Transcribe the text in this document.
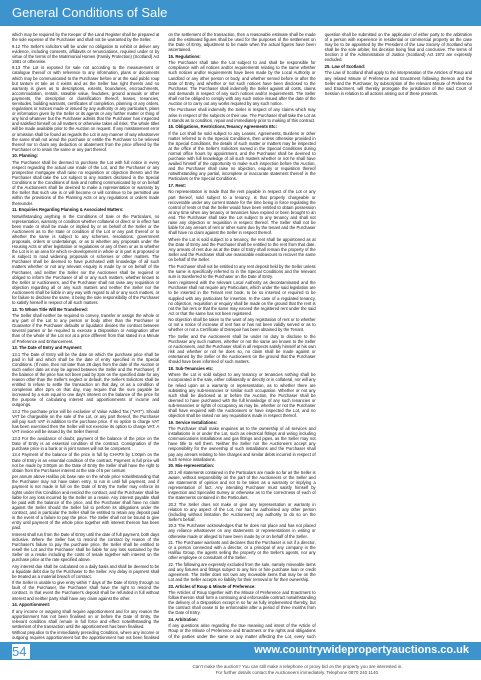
General Conditions of Sale

which may be required by the Keeper of the Land Register shall be prepared at the sole expense of the Purchaser and shall not be warranted by the Seller.

9.12 The Seller's solicitors will be under no obligation to exhibit or deliver any evidence, including consents, affidavits or renunciations, required under or by virtue of the terms of the Matrimonial Homes (Family Protection) (Scotland) Act 1981 or otherwise.

9.13 The Lot is exposed for sale not according to the measurement or catalogue thereof or with reference to any information, plans or documents which may be communicated to the Purchaser before or at the said public roup but tantum et tale as it exists and as the Seller has right thereto and no warranty is given as to descriptions, extents, boundaries, encroachments, accommodation, rentals, rateable value, feuduties, ground annuals or other payments, the description or classification thereof, leases, tenancies, servitudes, building warrants, certificates of completion, planning or any orders, regulations or notices made or issued by any authority or any particulars, plans or information given by the Seller or its agents or any further matter or thing of any kind whatever but the Purchaser admits that the Purchaser has inspected and satisfied himself on all matters or otherwise takes all risks. The whole titles will be made available prior to the Auction on request. If any misstatement error or omission shall be found as regards the Lot in any manner of way whatsoever the same shall not annul the purchase or entitle the Purchaser to be relieved thereof nor to claim any deduction or abatement from the price offered by the Purchaser or to retain the same or any part thereof.

10. Planning:

The Purchaser shall be deemed to purchase the Lot with full notice in every respect regarding the actual use made of the Lot, and the Purchaser or any prospective mortgagee shall raise no requisition or objection thereto and the Purchaser shall take the Lot subject to any matters disclosed in the Special Conditions or the Conditions of Sale and nothing communicated by or on behalf of the Auctioneers shall be deemed to make a representation or warranty by the Seller that such use is or will become or will continue to be permitted use within the provisions of the Planning Acts or any regulations or orders made thereunder.

11. Enquiries Regarding Planning & Associated Matters:

Notwithstanding anything in the Conditions of Sale or the Particulars, no representation, warranty or condition whether collateral or direct or in effect has been made or shall be made or implied by or on behalf of the Seller or the Auctioneers as to the state or condition of the Lot or any part thereof or to whether the same is subject to any schemes, resolutions, government proposals, orders or undertakings, or as to whether any proposals under the Housing Acts or other legislation or regulations or any of them or as to whether the Lot is in an area for which re-development in whole or in part is proposed or is subject to road widening proposals or schemes or other matters. The Purchaser shall be deemed to have purchased with knowledge of all such matters whether or not any relevant enquiry is made by or on behalf of the Purchaser, and neither the Seller nor the Auctioneer shall be required or obliged to inform the Purchaser of all or any such matters, whether known to the Seller or Auctioneers, and the Purchaser shall not raise any requisition or objection regarding all or any such matters and neither the Seller nor the Auctioneers shall be liable in any way with regard to all or any such matters, or for failure to disclose the same, it being the sole responsibility of the Purchaser to satisfy himself in respect of all such matters.

12. To Whom Title Will Be Transferred:

The Seller shall neither be required to convey, transfer or assign the whole or any part of the Lot to any person or body other than the Purchaser or Guarantor if the Purchaser defaults or liquidator divides the contract between several parties or be required to execute a Disposition or Assignation other than of the whole of the Lot nor at a price different from that stated in a Minute of Preference and Enhancement.

13. The Date of Entry and Payment:

13.1 The Date of Entry will be the date on which the purchase price shall be paid in full and which shall be the date of entry specified in the Special Conditions. (If none, then not later than 28 days from the date of the Auction or such earlier date as may be agreed between the Seller and the Purchaser). If the balance of the price has not been paid by 2pm on the specified date for any reason other than the Seller's neglect or default, the Seller's Solicitors shall be entitled to refuse to settle the transaction on that day, or as a condition of completion after 2pm on that day, may require that the sum payable be increased by a sum equal to one day's interest on the balance of the price for the purpose of calculating interest and apportionments of income and outgoings.

13.2 The purchase price will be exclusive of Value Added Tax ("VAT"). Should VAT be chargeable on the sale of the Lot, or any part thereof, the Purchaser will pay such VAT in addition to the purchase price. If no option to charge VAT has been exercised then the Seller will not exercise its option to charge VAT. A VAT invoice will be issued by the Seller thereof.

13.3 For the avoidance of doubt, payment of the balance of the price on the Date of Entry is an essential condition of the contract. Consignation of the purchase price in a bank or in joint names will not be competent.

13.4 Payment of the balance of the price in full by CHAPS by 1:00pm on the Date of Entry is an essential condition of the contract. Payment in full price will not be made by 3:00pm on the Date of Entry the Seller shall have the right to obtain from the Purchaser interest at the rate of 5 per centum

per annum above Halifax plc base rate on the whole price notwithstanding that the Purchaser may not have taken entry, to run in until full payment, and if payment is not made in full on the Date of Entry the Seller may enforce its rights under this Condition and rescind the contract, and the Purchaser shall be liable for any loss incurred by the Seller on a resale. Any interest payable shall be paid with the balance of the price, and the Purchaser shall have no claim against the Seller should the Seller fail to perform its obligations under the contract, and in particular the Seller shall be entitled to retain any deposit paid in the event of a failure to pay the price. The Seller shall not be bound to give entry until payment of the whole price together with interest thereon has been paid.

Interest shall run from the Date of Entry until the date of full payment, both days inclusive. Where the Seller has to rescind the contract by reason of the Purchaser's failure to pay the purchase price, the Seller shall be entitled to resell the Lot and the Purchaser shall be liable for any loss sustained by the Seller on a resale including the costs of resale together with interest on the purchase price at the rate specified above.

Any interest due shall be calculated on a daily basis and shall be deemed to be a liquidate debt due by the Purchaser to the Seller. Any delay in payment shall be treated as a material breach of contract.

If the Seller is unable to give entry within 7 days of the Date of Entry through no fault of the Purchaser, the Purchaser shall have the right to rescind the contract. In that event the Purchaser's deposit shall be refunded in full without interest and neither party shall have any claim against the other.

14. Apportionment:

If any income or outgoing shall require apportionment and for any reason the apportionment has not been finalised on or before the Date of Entry, the relevant condition shall remain in full force and effect notwithstanding the settlement of the transaction until the apportionment has been finalised.

Without prejudice to the immediately preceding Condition, where any income or outgoing requires apportionment but the apportionment has not been finalised on the settlement of the transaction, then a reasonable estimate shall be made and the estimated figures shall be used for the purposes of the settlement on the Date of Entry, adjustment to be made when the actual figures have been ascertained.

15. Regulations:

The Purchaser shall take the Lot subject to and shall be responsible for compliance with all notices and/or requirements relating to the same whether such notices and/or requirements have been made by the Local Authority or Landlord or any other person or body, and whether served before or after the Date of Entry, and whether or not such notices have been disclosed to the Purchaser. The Purchaser shall indemnify the Seller against all costs, claims and demands in respect of any such notices and/or requirements. The Seller shall not be obliged to comply with any such notice issued after the date of the Auction or to carry out any works required by any such notice.

The Purchaser shall indemnify the Seller in respect of any claims which may arise in respect of the subjects or their use. The Purchaser shall take the Lot as it stands as to condition, repair and immediately prior to making of this contract.

16. Obligations, Restrictions,Tenancy Agreements Etc:

If the Lot shall be sold subject to any Leases, Agreements, Burdens or other matter referred to in the Special Conditions, then unless otherwise provided in the Special Conditions, the details of such matter or matters may be inspected at the office of the Seller's Solicitors named in the Special Conditions during normal office hours by appointment, and the Purchaser shall be deemed to purchase with full knowledge of all such matters whether or not he shall have availed himself of the opportunity to make such inspection before the Auction, and the Purchaser shall raise no objection, enquiry or requisition thereof notwithstanding any partial, incomplete or inaccurate statement thereof in the Particulars or the Special Conditions.

17. Rent:

No representation is made that the rent payable in respect of the Lot or any part thereof, sold subject to a tenancy, is that properly chargeable or recoverable under any current statute for the time being in force regulating the control of rents or that the Seller would have been entitled to obtain possession at any time when any tenancy or tenancies have expired or been brought to an end. The Purchaser shall take the Lot subject to any tenancy and shall not raise any objection or requisition in respect thereof. The Seller shall not be liable for any arrears of rent or other sums due by the tenant and the Purchaser shall have no claim against the Seller in respect thereof.

Where the Lot is sold subject to a tenancy, the rent shall be apportioned as at the Date of Entry and the Purchaser shall be entitled to the rent from that date. Any arrears of rent due as at the Date of Entry shall remain the property of the Seller and the Purchaser shall use reasonable endeavours to recover the same on behalf of the Seller.

The Purchaser shall not be entitled to any rent deposit held by the Seller unless the same is specifically referred to in the Special Conditions and the relevant sum is transferred to the Purchaser on the Date of Entry.

been registered with the relevant Local Authority as decontaminated and the Purchaser shall not require any Particulars, which under the said legislation are to be inserted in the Tenant rent book, to be so inserted or required to be supplied with any particulars for insertion. In the case of a regulated tenancy, no objection, requisition or enquiry shall be made on the ground that the rent is not the fair rent or that the same may exceed the registered rent under the said Act or that the same has not been registered.

No objection shall be taken to the want of any registration of rent or to whether or not a notice of increase of rent has or has not been validly served or as to whether or not a Certificate of Disrepair has been obtained by the Tenant.

The Seller and the Auctioneers shall be under no duty to disclose to the Purchaser any such matters, whether or not the same are known to the Seller or Auctioneers, and the Purchaser shall in all respects satisfy himself at his own risk and whether or not he does so, no claim shall be made against or entertained by the Seller or the Auctioneers on the ground that the Purchaser should have been informed of such matters.

18. Sub-Tenancies etc:

Where the Lot is sold subject to any tenancy or tenancies nothing shall be incorporated in the sale, either collaterally or directly or in collateral, nor will any be relied upon as a warranty or representation, as to whether there are subsisting any sub-tenancies or similar such occupation. Whether or not any such shall be disclosed at or before the Auction, the Purchaser shall be deemed to have purchased with the full knowledge of any such tenancies or sub-tenancies or rights of occupancy as may be, whether or not the Purchaser shall have enquired with the Auctioneers or have inspected the Lot, and no objection shall be raised nor any requisitions made in respect thereof.

19. Service Installations:

The Purchaser shall make enquiries as to the ownership of all services and installations in or under the Lot, such as electrical fittings and wiring including communications installations and gas fittings and pipes, as the Seller may not have title to sell them. Neither the Seller nor the Auctioneers accept any responsibility for the ownership of such installations and the Purchaser shall pay any arrears relating to hire charges and similar debts incurred in respect of such service installations.

20. Mis-representation:

20.1 All statements contained in the Particulars are made so far as the Seller is aware, without responsibility on the part of the Auctioneers or the Seller and are statements of opinion and not to be taken as a warranty or implying a representation of fact. Any intending Purchaser must satisfy himself by inspection and Specialist Survey or otherwise as to the correctness of each of the statements contained in the Particulars.

20.2 The Seller does not make or give any representation or warranty in relation to any aspect of the Lot, nor has he authorised any other person (including without limitation the Auctioneers) any authority to do so on the Seller's behalf.

20.3 The Purchaser acknowledges that he does not place and has not placed any reliance whatsoever on any statements or representations in writing or otherwise made or alleged to have been made by or on behalf of the Seller.

21. The Purchaser warrants and declares that the Purchaser is not if a director, or a person connected with a director, or a principal of any company in the Halifax Group, the agents selling the property or the Seller's agents, nor any other employee or consultant of the Seller.

22. The following are expressly excluded from the sale, namely moveable items and any fixtures and fittings subject to any hire or hire purchase loan or credit agreement. The Seller does not own any moveable items that may be on the Lot and the Seller accepts no liability for their removal or for their ownership.

23. Articles of Roup & Minute of Preference:

The Articles of Roup together with the Minute of Preference and Enactment to follow thereon shall form a continuing and enforceable contract notwithstanding the delivery of a Disposition except in so far as fully implemented thereby, but the contract shall cease to be enforceable after a period of three months from the Date of Entry.

24. Arbitration:

If any questions arise regarding the true meaning and intent of the Article of Roup or the Minute of Preference and Enactment or the rights and obligations of the parties under the same or any matter affecting the Lot, every such question shall be submitted on the application of either party to the arbitration of a person with experience in residential or commercial property as the case may be to be appointed by the President of the Law Society of Scotland who shall be the sole arbiter, his decision being final and conclusive. The terms of Section 3 of the Administration of Justice (Scotland) Act 1972 are expressly excluded.

25. Law of Scotland:

The Law of Scotland shall apply to the interpretation of the Articles of Roup and any related Minute of Preference and Enactment following thereon and the Seller and the Purchaser, by subscription of the relevant Minute of Preference and Enactment, will thereby prorogate the jurisdiction of the said Court of Session in relation to all actions arising out of these presents.

www.countrywidepropertyauctions.co.uk
54
Can't make the auction? You can still make a telephone or proxy bid on the property you are interested in.
For further details contact the Auctioneers immediately. Telephone 0870 240 1140.
